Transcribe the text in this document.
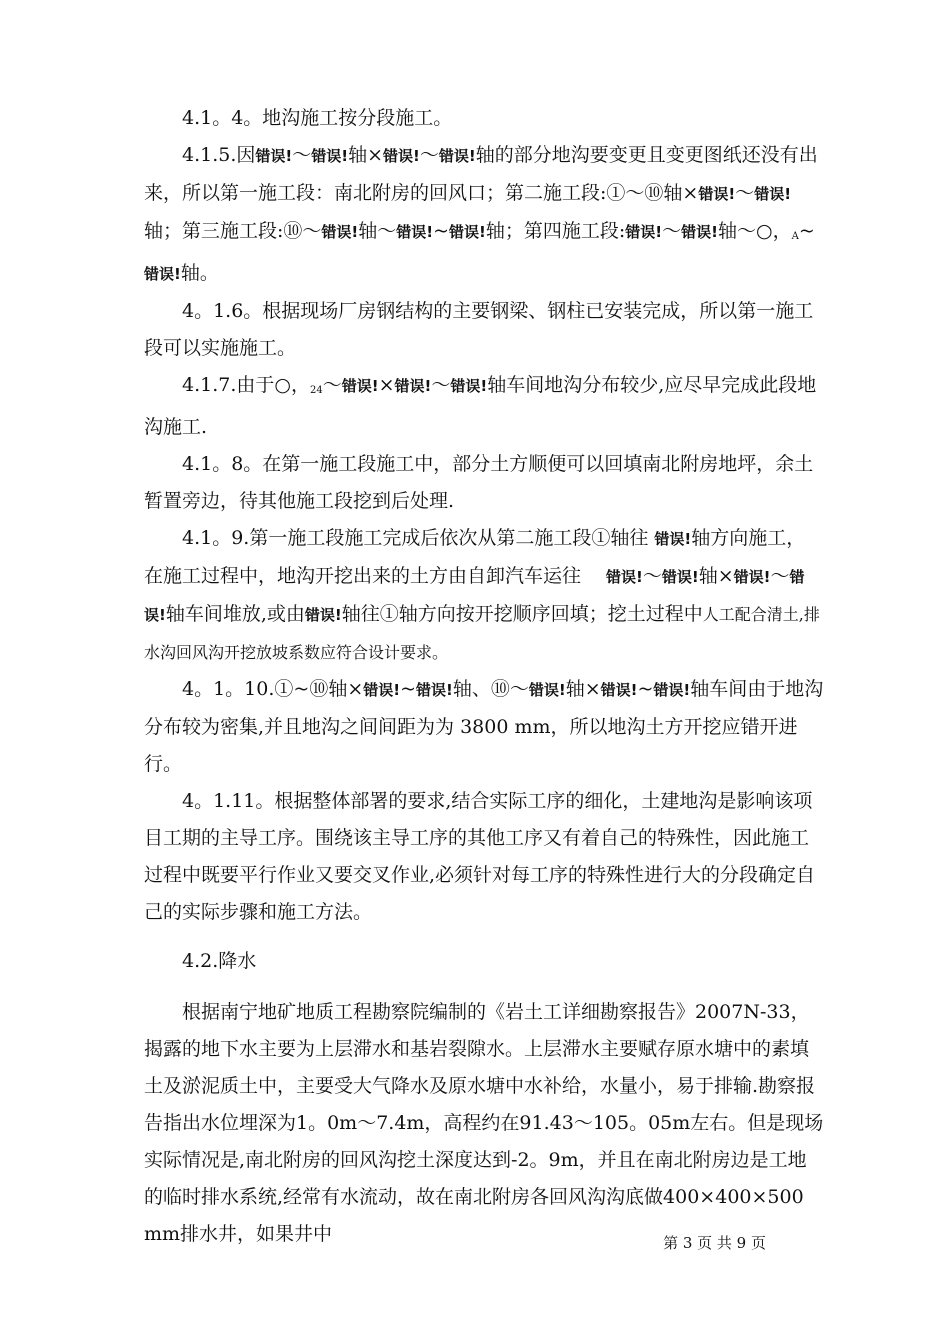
4.1。4。地沟施工按分段施工。

4.1.5.因错误!～错误!轴×错误!～错误!轴的部分地沟要变更且变更图纸还没有出来，所以第一施工段：南北附房的回风口；第二施工段:①～⑩轴×错误!～错误!轴；第三施工段:⑩～错误!轴～错误!~错误!轴；第四施工段:错误!～错误!轴～○，$_A$~错误!轴。

4。1.6。根据现场厂房钢结构的主要钢梁、钢柱已安装完成，所以第一施工段可以实施施工。

4.1.7.由于○，$_{24}$～错误!×错误!～错误!轴车间地沟分布较少,应尽早完成此段地沟施工.

4.1。8。在第一施工段施工中，部分土方顺便可以回填南北附房地坪，余土暂置旁边，待其他施工段挖到后处理.

4.1。9.第一施工段施工完成后依次从第二施工段①轴往 错误!轴方向施工，在施工过程中，地沟开挖出来的土方由自卸汽车运往　 错误!～错误!轴×错误!～错误!轴车间堆放,或由错误!轴往①轴方向按开挖顺序回填；挖土过程中人工配合清土,排水沟回风沟开挖放坡系数应符合设计要求。

4。1。10.①~⑩轴×错误!~错误!轴、⑩～错误!轴×错误!~错误!轴车间由于地沟分布较为密集,并且地沟之间间距为为 3800 mm，所以地沟土方开挖应错开进行。

4。1.11。根据整体部署的要求,结合实际工序的细化，土建地沟是影响该项目工期的主导工序。围绕该主导工序的其他工序又有着自己的特殊性，因此施工过程中既要平行作业又要交叉作业,必须针对每工序的特殊性进行大的分段确定自己的实际步骤和施工方法。

4.2.降水

根据南宁地矿地质工程勘察院编制的《岩土工详细勘察报告》2007N-33，揭露的地下水主要为上层滞水和基岩裂隙水。上层滞水主要赋存原水塘中的素填土及淤泥质土中，主要受大气降水及原水塘中水补给，水量小，易于排输.勘察报告指出水位埋深为1。0m～7.4m，高程约在91.43～105。05m左右。但是现场实际情况是,南北附房的回风沟挖土深度达到-2。9m，并且在南北附房边是工地的临时排水系统,经常有水流动，故在南北附房各回风沟沟底做400×400×500 mm排水井，如果井中	第 3 页 共 9 页
